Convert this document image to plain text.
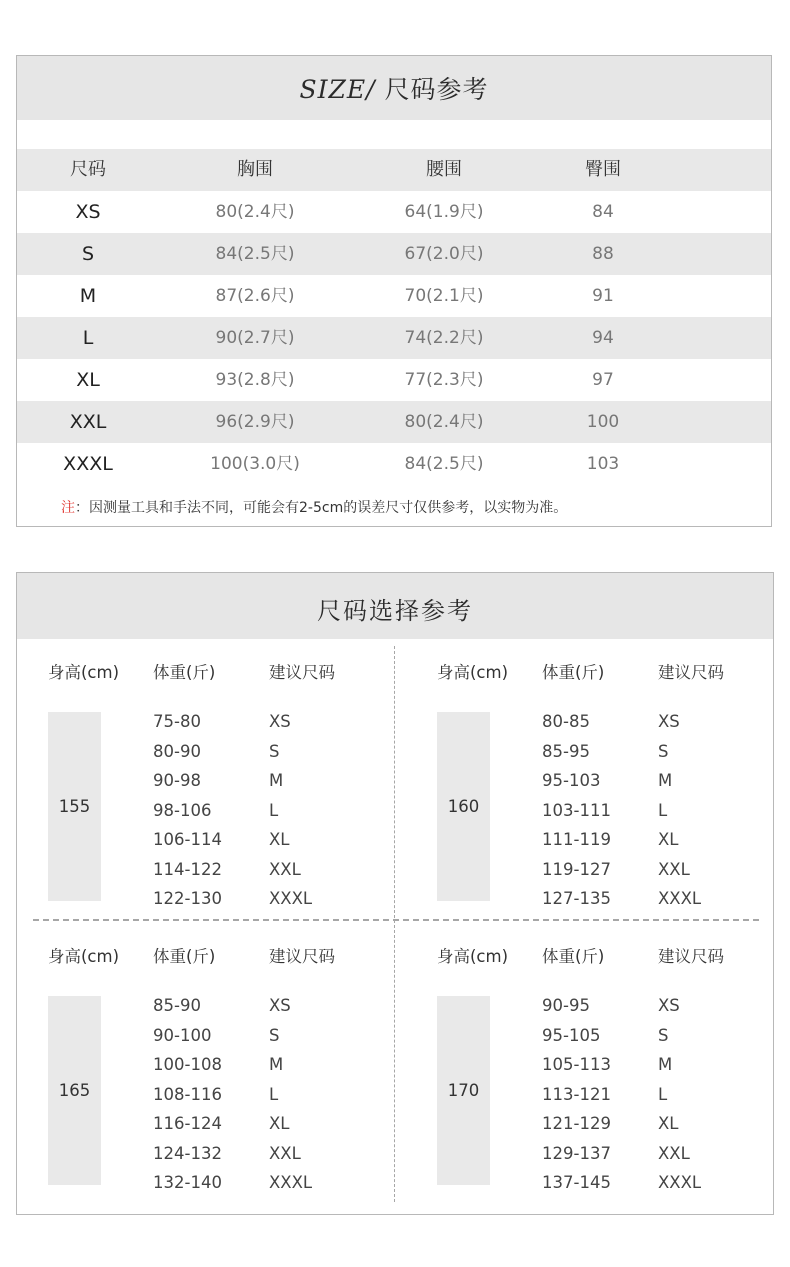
SIZE/ 尺码参考
尺码	胸围	腰围	臀围
XS	80(2.4尺)	64(1.9尺)	84
S	84(2.5尺)	67(2.0尺)	88
M	87(2.6尺)	70(2.1尺)	91
L	90(2.7尺)	74(2.2尺)	94
XL	93(2.8尺)	77(2.3尺)	97
XXL	96(2.9尺)	80(2.4尺)	100
XXXL	100(3.0尺)	84(2.5尺)	103
注：因测量工具和手法不同，可能会有2-5cm的误差尺寸仅供参考，以实物为准。
尺码选择参考
身高(cm) 体重(斤)	建议尺码
155
75-80	XS
80-90	S
90-98	M
98-106	L
106-114	XL
114-122	XXL
122-130	XXXL
身高(cm) 体重(斤)	建议尺码
160
80-85	XS
85-95	S
95-103	M
103-111	L
111-119	XL
119-127	XXL
127-135	XXXL
身高(cm) 体重(斤)	建议尺码
165
85-90	XS
90-100	S
100-108	M
108-116	L
116-124	XL
124-132	XXL
132-140	XXXL
身高(cm) 体重(斤)	建议尺码
170
90-95	XS
95-105	S
105-113	M
113-121	L
121-129	XL
129-137	XXL
137-145	XXXL
